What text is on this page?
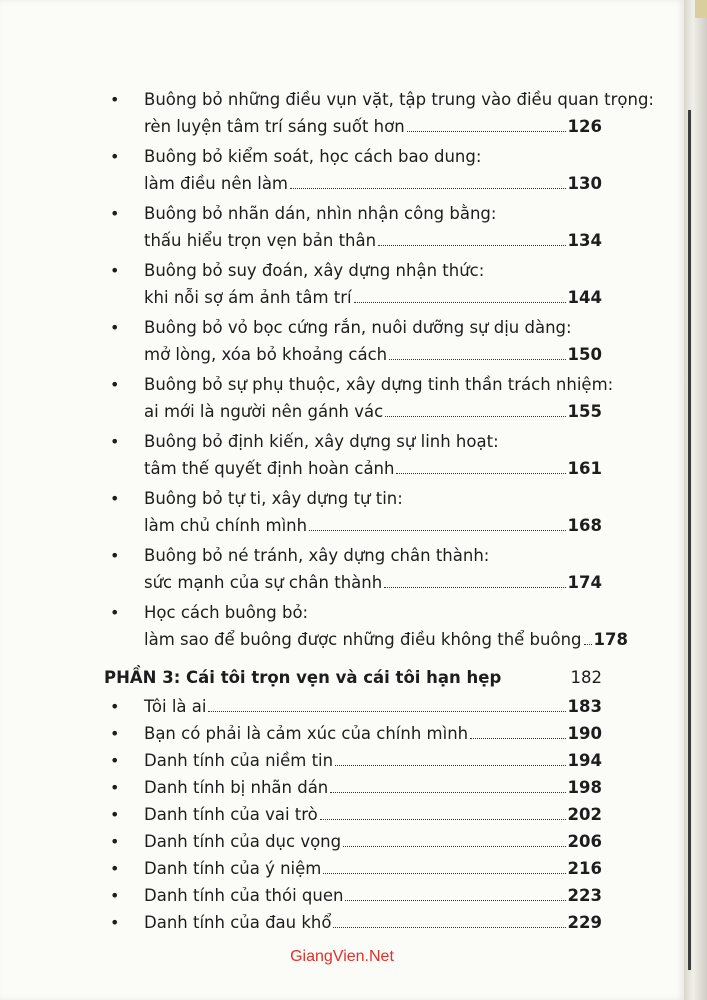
• Buông bỏ những điều vụn vặt, tập trung vào điều quan trọng:
rèn luyện tâm trí sáng suốt hơn	126
• Buông bỏ kiểm soát, học cách bao dung:
làm điều nên làm	130
• Buông bỏ nhãn dán, nhìn nhận công bằng:
thấu hiểu trọn vẹn bản thân	134
• Buông bỏ suy đoán, xây dựng nhận thức:
khi nỗi sợ ám ảnh tâm trí	144
• Buông bỏ vỏ bọc cứng rắn, nuôi dưỡng sự dịu dàng:
mở lòng, xóa bỏ khoảng cách	150
• Buông bỏ sự phụ thuộc, xây dựng tinh thần trách nhiệm:
ai mới là người nên gánh vác	155
• Buông bỏ định kiến, xây dựng sự linh hoạt:
tâm thế quyết định hoàn cảnh	161
• Buông bỏ tự ti, xây dựng tự tin:
làm chủ chính mình	168
• Buông bỏ né tránh, xây dựng chân thành:
sức mạnh của sự chân thành	174
• Học cách buông bỏ:
làm sao để buông được những điều không thể buông 178
PHẦN 3: Cái tôi trọn vẹn và cái tôi hạn hẹp	182
• Tôi là ai	183
• Bạn có phải là cảm xúc của chính mình	190
• Danh tính của niềm tin	194
• Danh tính bị nhãn dán	198
• Danh tính của vai trò	202
• Danh tính của dục vọng	206
• Danh tính của ý niệm	216
• Danh tính của thói quen	223
• Danh tính của đau khổ	229
GiangVien.Net
